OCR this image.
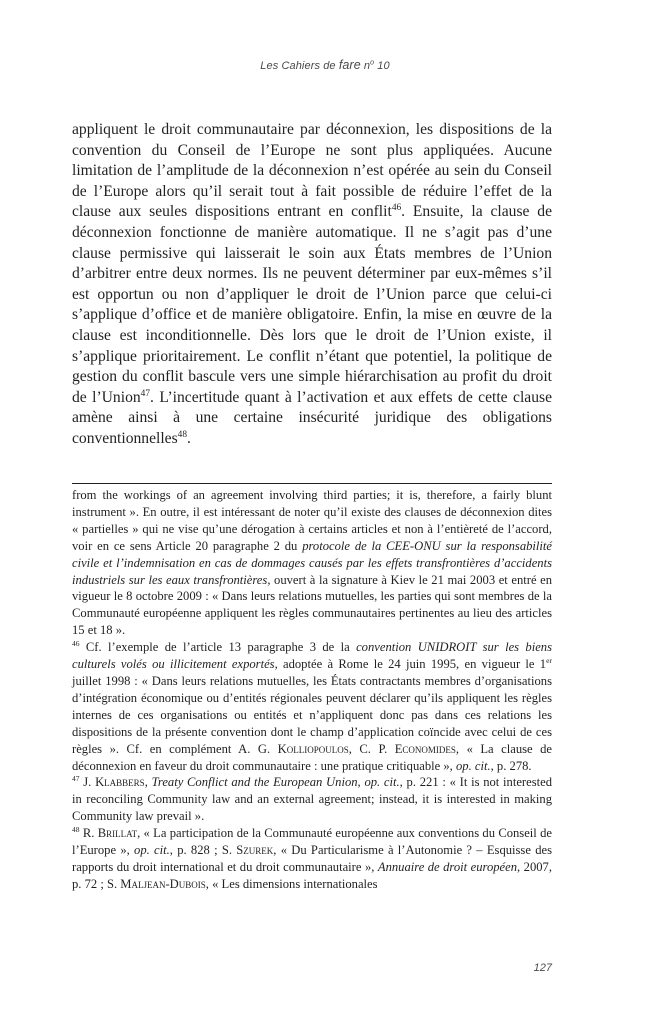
Les Cahiers de fare $n^o$ 10

appliquent le droit communautaire par déconnexion, les dispositions de la convention du Conseil de l’Europe ne sont plus appliquées. Aucune limitation de l’amplitude de la déconnexion n’est opérée au sein du Conseil de l’Europe alors qu’il serait tout à fait possible de réduire l’effet de la clause aux seules dispositions entrant en conflit$^{46}$. Ensuite, la clause de déconnexion fonctionne de manière automatique. Il ne s’agit pas d’une clause permissive qui laisserait le soin aux États membres de l’Union d’arbitrer entre deux normes. Ils ne peuvent déterminer par eux-mêmes s’il est opportun ou non d’appliquer le droit de l’Union parce que celui-ci s’applique d’office et de manière obligatoire. Enfin, la mise en œuvre de la clause est inconditionnelle. Dès lors que le droit de l’Union existe, il s’applique prioritairement. Le conflit n’étant que potentiel, la politique de gestion du conflit bascule vers une simple hiérarchisation au profit du droit de l’Union$^{47}$. L’incertitude quant à l’activation et aux effets de cette clause amène ainsi à une certaine insécurité juridique des obligations conventionnelles$^{48}$.

from the workings of an agreement involving third parties; it is, therefore, a fairly blunt instrument ». En outre, il est intéressant de noter qu’il existe des clauses de déconnexion dites « partielles » qui ne vise qu’une dérogation à certains articles et non à l’entièreté de l’accord, voir en ce sens Article 20 paragraphe 2 du protocole de la CEE-ONU sur la responsabilité civile et l’indemnisation en cas de dommages causés par les effets transfrontières d’accidents industriels sur les eaux transfrontières, ouvert à la signature à Kiev le 21 mai 2003 et entré en vigueur le 8 octobre 2009 : « Dans leurs relations mutuelles, les parties qui sont membres de la Communauté européenne appliquent les règles communautaires pertinentes au lieu des articles 15 et 18 ».

$^{46}$ Cf. l’exemple de l’article 13 paragraphe 3 de la convention UNIDROIT sur les biens culturels volés ou illicitement exportés, adoptée à Rome le 24 juin 1995, en vigueur le 1er juillet 1998 : « Dans leurs relations mutuelles, les États contractants membres d’organisations d’intégration économique ou d’entités régionales peuvent déclarer qu’ils appliquent les règles internes de ces organisations ou entités et n’appliquent donc pas dans ces relations les dispositions de la présente convention dont le champ d’application coïncide avec celui de ces règles ». Cf. en complément A. G. Kolliopoulos, C. P. Economides, « La clause de déconnexion en faveur du droit communautaire : une pratique critiquable », op. cit., p. 278.

$^{47}$ J. Klabbers, Treaty Conflict and the European Union, op. cit., p. 221 : « It is not interested in reconciling Community law and an external agreement; instead, it is interested in making Community law prevail ».

$^{48}$ R. Brillat, « La participation de la Communauté européenne aux conventions du Conseil de l’Europe », op. cit., p. 828 ; S. Szurek, « Du Particularisme à l’Autonomie ? – Esquisse des rapports du droit international et du droit communautaire », Annuaire de droit européen, 2007, p. 72 ; S. Maljean-Dubois, « Les dimensions internationales

127
